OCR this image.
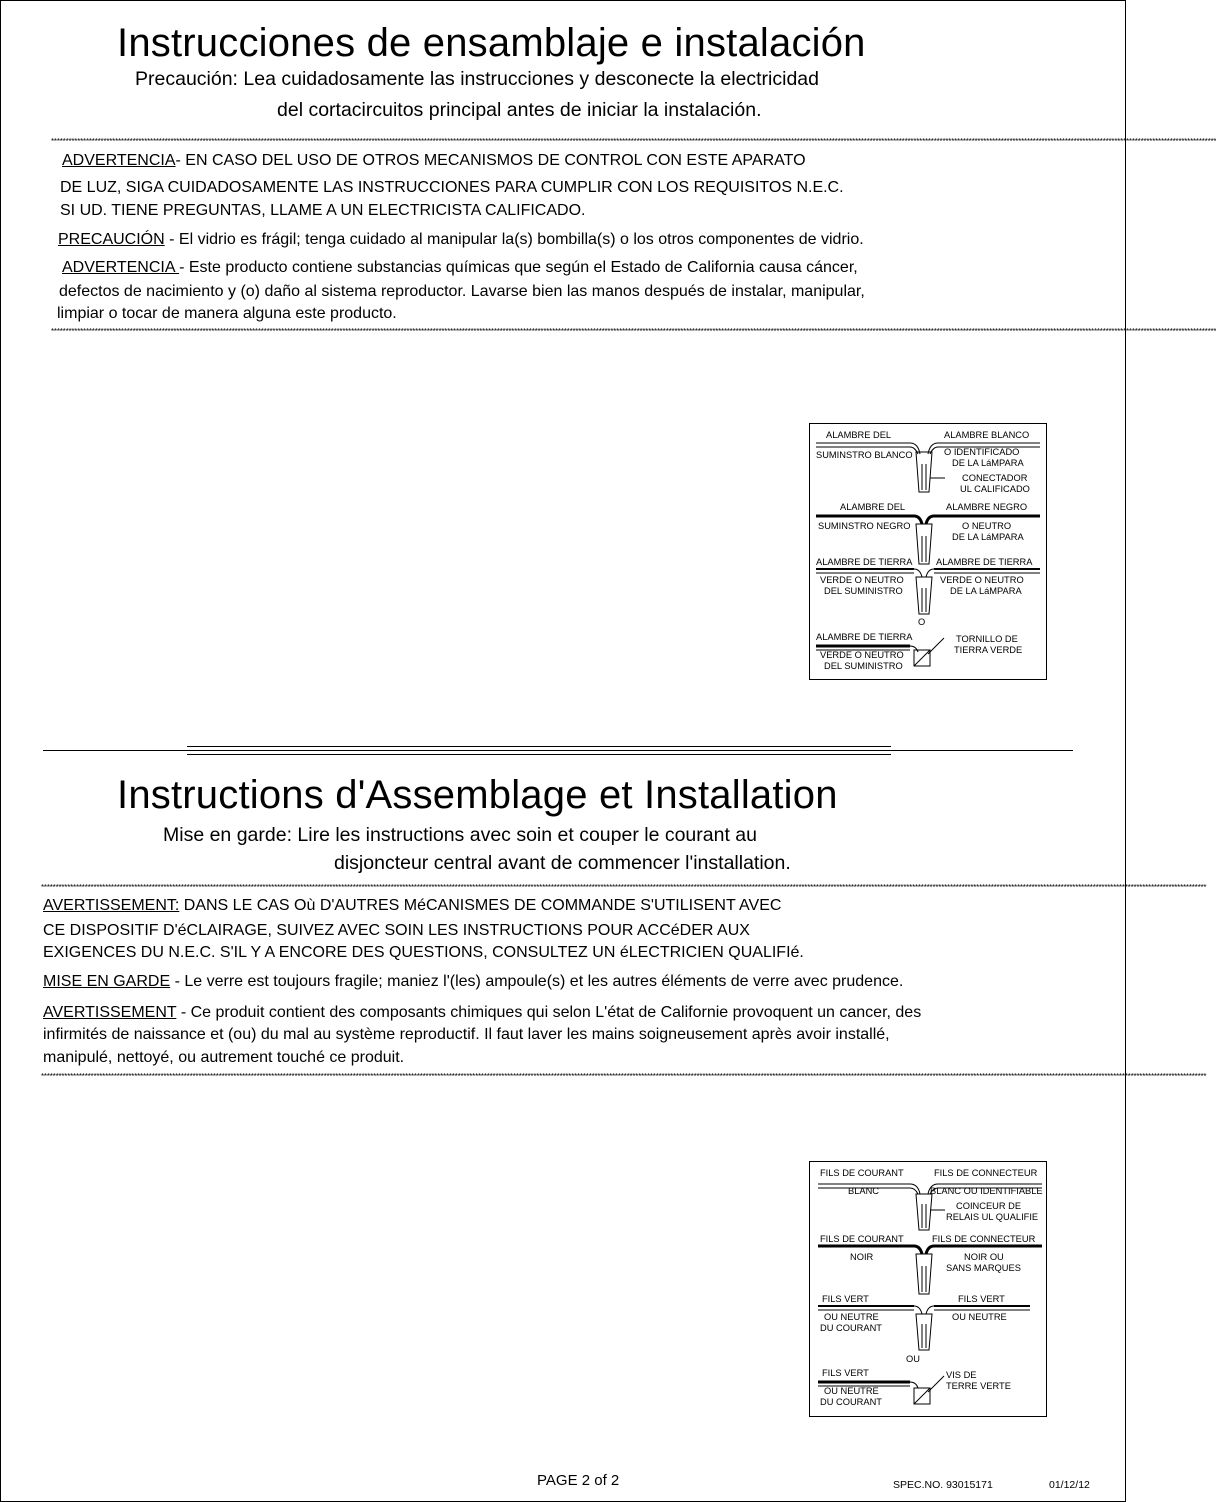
Instrucciones de ensamblaje e instalación
Precaución: Lea cuidadosamente las instrucciones y desconecte la electricidad
del cortacircuitos principal antes de iniciar la instalación.
****************************************************************************************************************************************************************************************************************************************************************************************************************************************************************************************************************
ADVERTENCIA- EN CASO DEL USO DE OTROS MECANISMOS DE CONTROL CON ESTE APARATO
DE LUZ, SIGA CUIDADOSAMENTE LAS INSTRUCCIONES PARA CUMPLIR CON LOS REQUISITOS N.E.C.
SI UD. TIENE PREGUNTAS, LLAME A UN ELECTRICISTA CALIFICADO.
PRECAUCIÓN - El vidrio es frágil; tenga cuidado al manipular la(s) bombilla(s) o los otros componentes de vidrio.
ADVERTENCIA - Este producto contiene substancias químicas que según el Estado de California causa cáncer,
defectos de nacimiento y (o) daño al sistema reproductor. Lavarse bien las manos después de instalar, manipular,
limpiar o tocar de manera alguna este producto.
****************************************************************************************************************************************************************************************************************************************************************************************************************************************************************************************************************
ALAMBRE DEL
SUMINSTRO BLANCO
ALAMBRE BLANCO
O IDENTIFICADO
DE LA LáMPARA
CONECTADOR
UL CALIFICADO
ALAMBRE DEL
SUMINSTRO NEGRO
ALAMBRE NEGRO
O NEUTRO
DE LA LáMPARA
ALAMBRE DE TIERRA
VERDE O NEUTRO
DEL SUMINISTRO
ALAMBRE DE TIERRA
VERDE O NEUTRO
DE LA LáMPARA
O
ALAMBRE DE TIERRA
VERDE O NEUTRO
DEL SUMINISTRO
TORNILLO DE
TIERRA VERDE
Instructions d'Assemblage et Installation
Mise en garde: Lire les instructions avec soin et couper le courant au
disjoncteur central avant de commencer l'installation.
****************************************************************************************************************************************************************************************************************************************************************************************************************************************************************************************************************
AVERTISSEMENT: DANS LE CAS Où D'AUTRES MéCANISMES DE COMMANDE S'UTILISENT AVEC
CE DISPOSITIF D'éCLAIRAGE, SUIVEZ AVEC SOIN LES INSTRUCTIONS POUR ACCéDER AUX
EXIGENCES DU N.E.C. S'IL Y A ENCORE DES QUESTIONS, CONSULTEZ UN éLECTRICIEN QUALIFIé.
MISE EN GARDE - Le verre est toujours fragile; maniez l'(les) ampoule(s) et les autres éléments de verre avec prudence.
AVERTISSEMENT - Ce produit contient des composants chimiques qui selon L'état de Californie provoquent un cancer, des
infirmités de naissance et (ou) du mal au système reproductif. Il faut laver les mains soigneusement après avoir installé,
manipulé, nettoyé, ou autrement touché ce produit.
****************************************************************************************************************************************************************************************************************************************************************************************************************************************************************************************************************
FILS DE COURANT
BLANC
FILS DE CONNECTEUR
BLANC OU IDENTIFIABLE
COINCEUR DE
RELAIS UL QUALIFIE
FILS DE COURANT
NOIR
FILS DE CONNECTEUR
NOIR OU
SANS MARQUES
FILS VERT
OU NEUTRE
DU COURANT
FILS VERT
OU NEUTRE
OU
FILS VERT
OU NEUTRE
DU COURANT
VIS DE
TERRE VERTE
PAGE 2 of 2	SPEC.NO. 93015171	01/12/12
